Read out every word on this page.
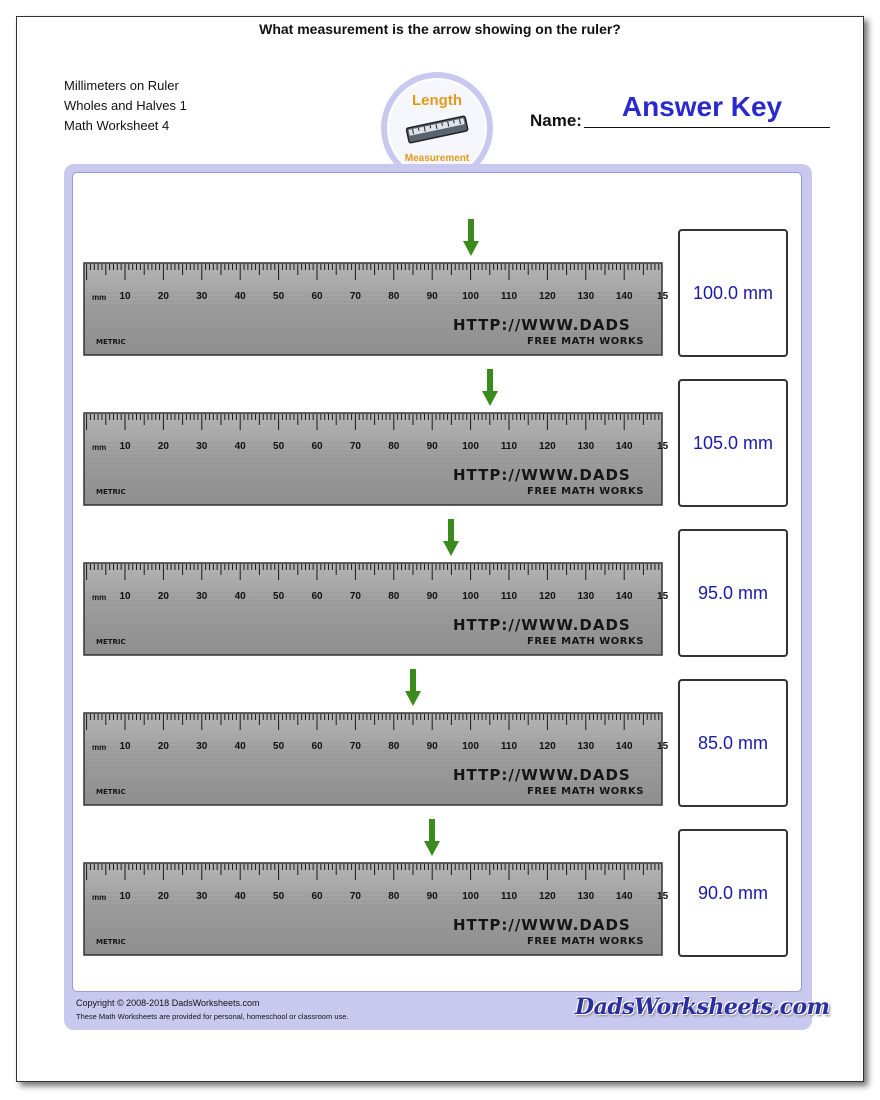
Millimeters on Ruler
Wholes and Halves 1
Math Worksheet 4
Length
Measurement
Name:	Answer Key
What measurement is the arrow showing on the ruler?
mm 10	20	30	40	50	60	70	80	90 100 110 120 130 140 15
HTTP://WWW.DADS
FREE MATH WORKS
METRIC
100.0 mm
mm 10	20	30	40	50	60	70	80	90 100 110 120 130 140 15
HTTP://WWW.DADS
FREE MATH WORKS
METRIC
105.0 mm
mm 10	20	30	40	50	60	70	80	90 100 110 120 130 140 15
HTTP://WWW.DADS
FREE MATH WORKS
METRIC
95.0 mm
mm 10	20	30	40	50	60	70	80	90 100 110 120 130 140 15
HTTP://WWW.DADS
FREE MATH WORKS
METRIC
85.0 mm
mm 10	20	30	40	50	60	70	80	90 100 110 120 130 140 15
HTTP://WWW.DADS
FREE MATH WORKS
METRIC
90.0 mm
Copyright © 2008-2018 DadsWorksheets.com
These Math Worksheets are provided for personal, homeschool or classroom use.	DadsWorksheets.com
